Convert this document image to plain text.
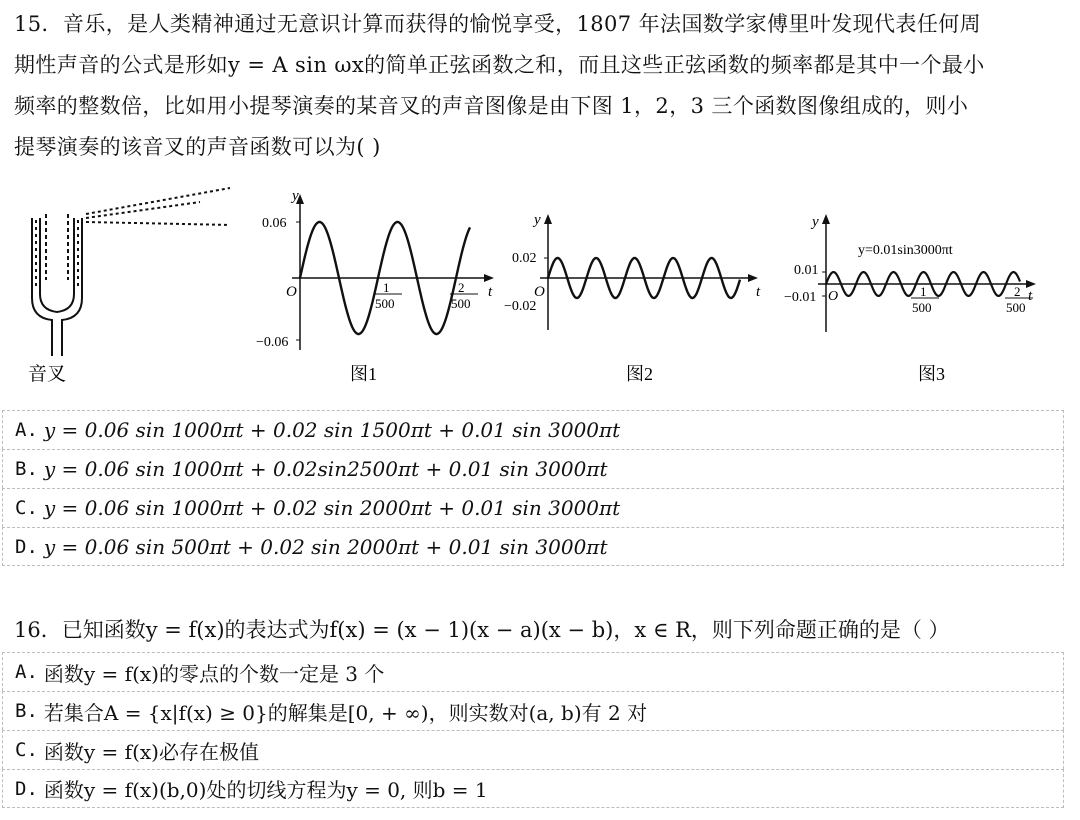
15．音乐，是人类精神通过无意识计算而获得的愉悦享受，1807 年法国数学家傅里叶发现代表任何周

期性声音的公式是形如y = A sin ωx的简单正弦函数之和，而且这些正弦函数的频率都是其中一个最小

频率的整数倍，比如用小提琴演奏的某音叉的声音图像是由下图 1，2，3 三个函数图像组成的，则小

提琴演奏的该音叉的声音函数可以为( )

音叉
y
0.06
−0.06
O	t
1
500
2
500
图1
y
0.02
−0.02
O	t
图2
y
y=0.01sin3000πt
0.01
−0.01 O	t
1
500
2
500
图3
A. y = 0.06 sin 1000πt + 0.02 sin 1500πt + 0.01 sin 3000πt
B. y = 0.06 sin 1000πt + 0.02sin2500πt + 0.01 sin 3000πt
C. y = 0.06 sin 1000πt + 0.02 sin 2000πt + 0.01 sin 3000πt
D. y = 0.06 sin 500πt + 0.02 sin 2000πt + 0.01 sin 3000πt
16．已知函数y = f(x)的表达式为f(x) = (x − 1)(x − a)(x − b)，x ∈ R，则下列命题正确的是（ ）
A. 函数y = f(x)的零点的个数一定是 3 个
B. 若集合A = {x|f(x) ≥ 0}的解集是[0, + ∞)，则实数对(a, b)有 2 对
C. 函数y = f(x)必存在极值
D. 函数y = f(x)(b,0)处的切线方程为y = 0, 则b = 1
